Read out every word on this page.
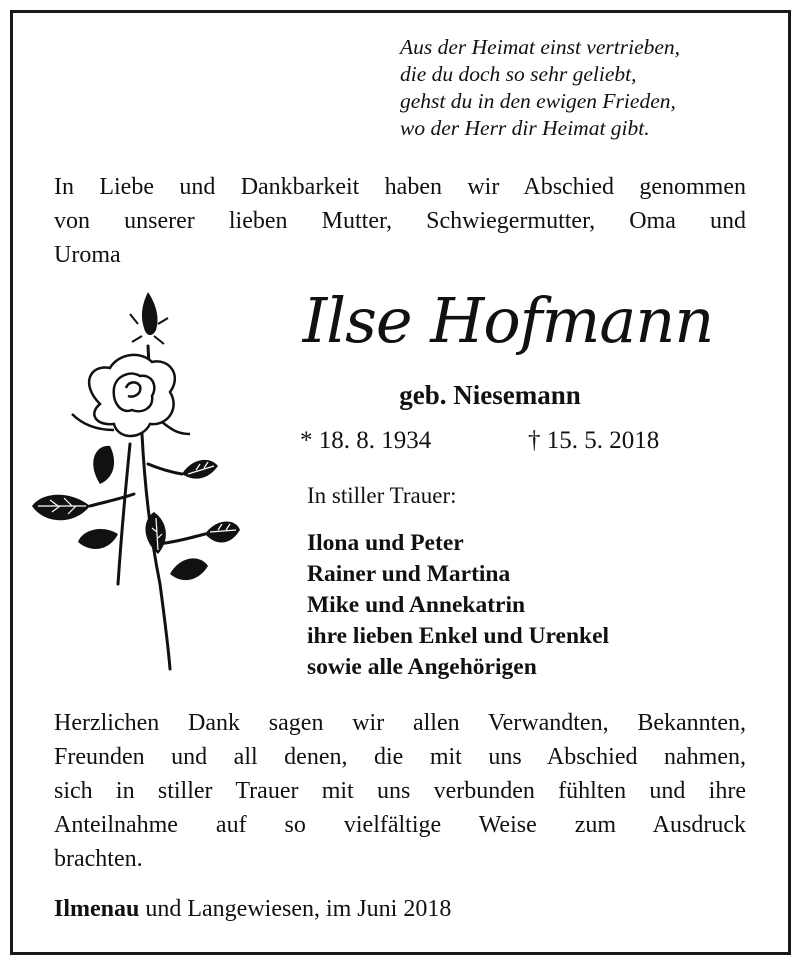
Aus der Heimat einst vertrieben,
die du doch so sehr geliebt,
gehst du in den ewigen Frieden,
wo der Herr dir Heimat gibt.
In Liebe und Dankbarkeit haben wir Abschied genommen
von unserer lieben Mutter, Schwiegermutter, Oma und
Uroma
Ilse Hofmann
geb. Niesemann
* 18. 8. 1934	† 15. 5. 2018
In stiller Trauer:
Ilona und Peter
Rainer und Martina
Mike und Annekatrin
ihre lieben Enkel und Urenkel
sowie alle Angehörigen
Herzlichen Dank sagen wir allen Verwandten, Bekannten,
Freunden und all denen, die mit uns Abschied nahmen,
sich in stiller Trauer mit uns verbunden fühlten und ihre
Anteilnahme auf so vielfältige Weise zum Ausdruck
brachten.
Ilmenau und Langewiesen, im Juni 2018
